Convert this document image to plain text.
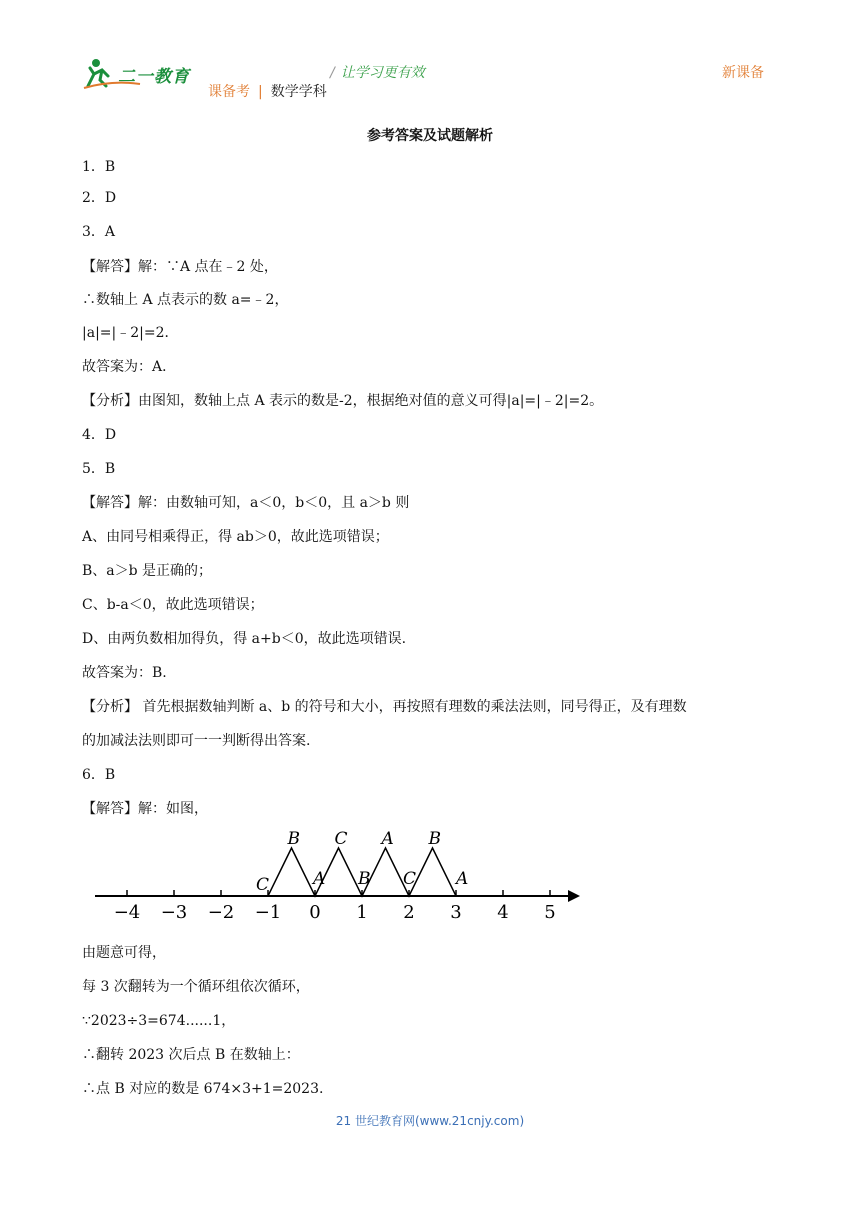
二一教育	/ 让学习更有效
课备考 | 数学学科
新课备
参考答案及试题解析
1．B
2．D
3．A
【解答】解：∵A 点在﹣2 处，
∴数轴上 A 点表示的数 a=﹣2，
|a|=|﹣2|=2．
故答案为：A．
【分析】由图知，数轴上点 A 表示的数是-2，根据绝对值的意义可得|a|=|﹣2|=2。
4．D
5．B
【解答】解：由数轴可知，a＜0，b＜0，且 a＞b 则
A、由同号相乘得正，得 ab＞0，故此选项错误；
B、a＞b 是正确的；
C、b-a＜0，故此选项错误；
D、由两负数相加得负，得 a+b＜0，故此选项错误.
故答案为：B.
【分析】 首先根据数轴判断 a、b 的符号和大小，再按照有理数的乘法法则，同号得正，及有理数
的加减法法则即可一一判断得出答案.
6．B
【解答】解：如图，
由题意可得，
每 3 次翻转为一个循环组依次循环，
∵2023÷3=674......1，
∴翻转 2023 次后点 B 在数轴上：
∴点 B 对应的数是 674×3+1=2023.
−4 −3 −2 −1 0 1 2 3 4 5
C
B
A
C
B
A
C
B
A
21 世纪教育网(www.21cnjy.com)
